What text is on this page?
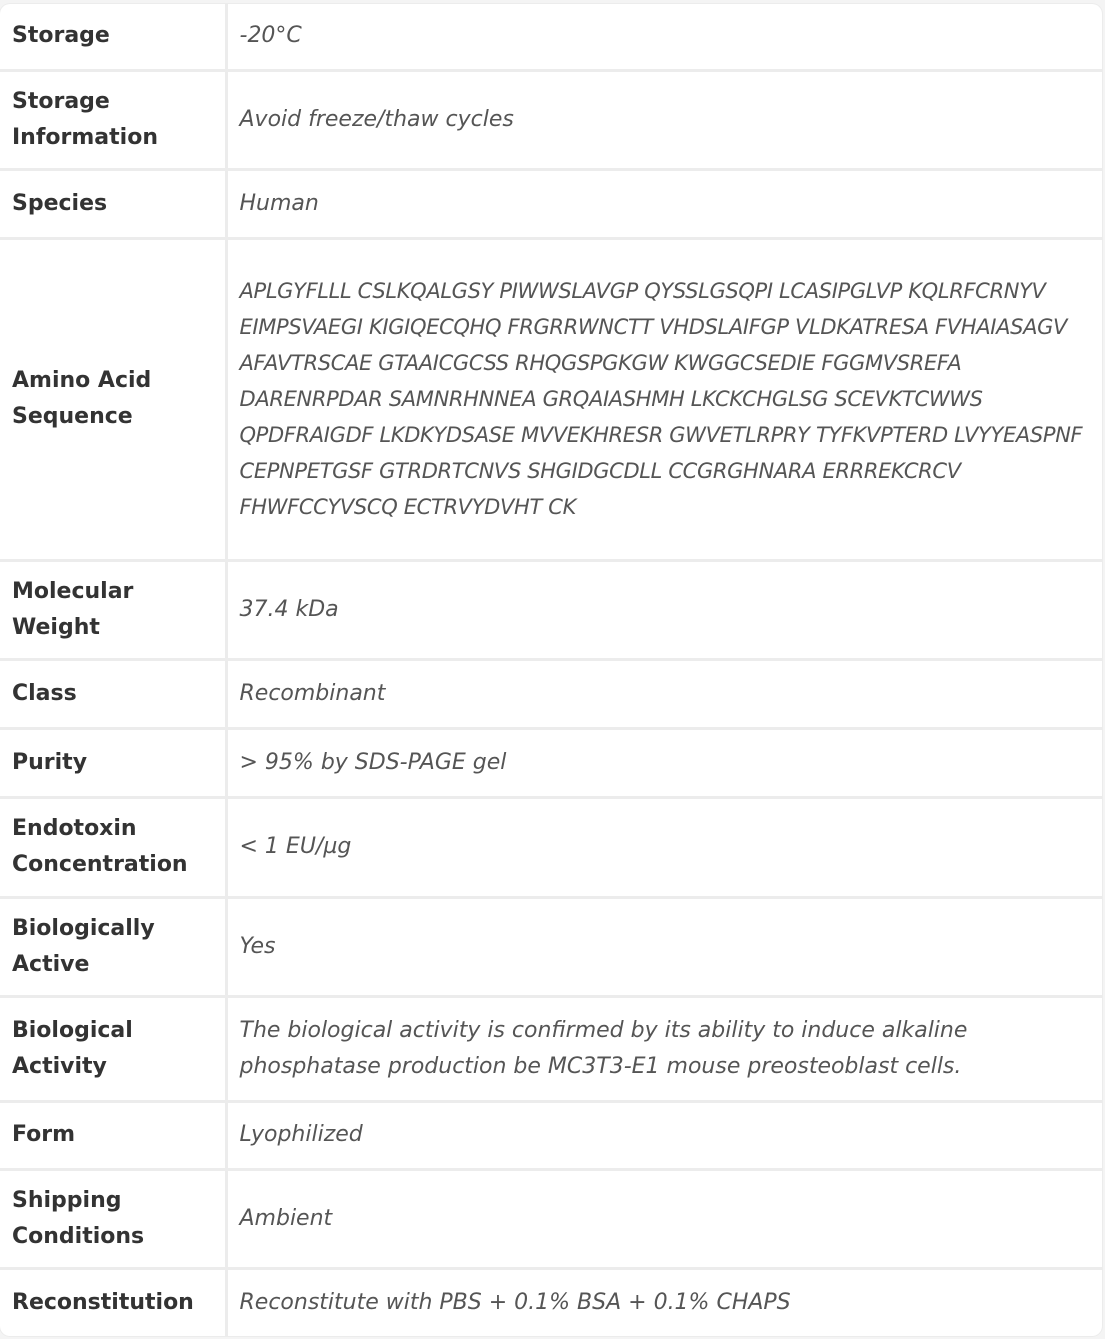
Storage	-20°C
Storage
Information	Avoid freeze/thaw cycles
Species	Human
Amino Acid
Sequence	APLGYFLLL CSLKQALGSY PIWWSLAVGP QYSSLGSQPI LCASIPGLVP KQLRFCRNYV EIMPSVAEGI KIGIQECQHQ FRGRRWNCTT VHDSLAIFGP VLDKATRESA FVHAIASAGV AFAVTRSCAE GTAAICGCSS RHQGSPGKGW KWGGCSEDIE FGGMVSREFA DARENRPDAR SAMNRHNNEA GRQAIASHMH LKCKCHGLSG SCEVKTCWWS QPDFRAIGDF LKDKYDSASE MVVEKHRESR GWVETLRPRY TYFKVPTERD LVYYEASPNF CEPNPETGSF GTRDRTCNVS SHGIDGCDLL CCGRGHNARA ERRREKCRCV FHWFCCYVSCQ ECTRVYDVHT CK
Molecular
Weight	37.4 kDa
Class	Recombinant
Purity	> 95% by SDS-PAGE gel
Endotoxin
Concentration	< 1 EU/µg
Biologically
Active	Yes
Biological
Activity	The biological activity is confirmed by its ability to induce alkaline phosphatase production be MC3T3-E1 mouse preosteoblast cells.
Form	Lyophilized
Shipping
Conditions	Ambient
Reconstitution	Reconstitute with PBS + 0.1% BSA + 0.1% CHAPS
